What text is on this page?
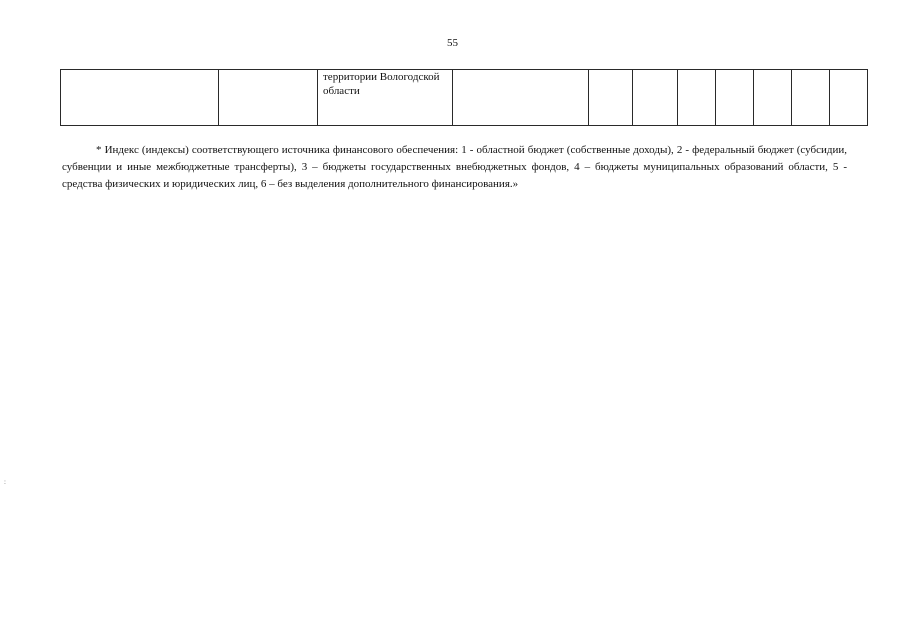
55
		территории Вологодской области								

* Индекс (индексы) соответствующего источника финансового обеспечения: 1 - областной бюджет (собственные доходы), 2 - федеральный бюджет (субсидии, субвенции и иные межбюджетные трансферты), 3 – бюджеты государственных внебюджетных фондов, 4 – бюджеты муниципальных образований области, 5 - средства физических и юридических лиц, 6 – без выделения дополнительного финансирования.»

:
